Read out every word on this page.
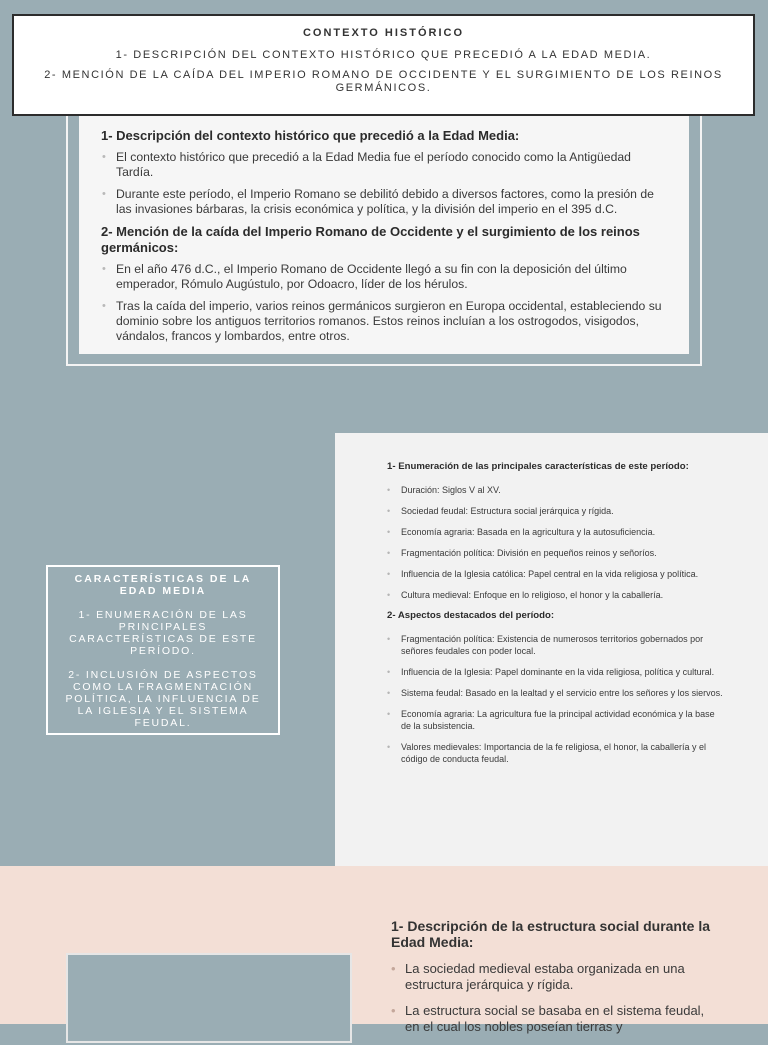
1- Descripción del contexto histórico que precedió a la Edad Media:
• El contexto histórico que precedió a la Edad Media fue el período conocido como la Antigüedad Tardía.
• Durante este período, el Imperio Romano se debilitó debido a diversos factores, como la presión de las invasiones bárbaras, la crisis económica y política, y la división del imperio en el 395 d.C.
2- Mención de la caída del Imperio Romano de Occidente y el surgimiento de los reinos germánicos:
• En el año 476 d.C., el Imperio Romano de Occidente llegó a su fin con la deposición del último emperador, Rómulo Augústulo, por Odoacro, líder de los hérulos.
• Tras la caída del imperio, varios reinos germánicos surgieron en Europa occidental, estableciendo su dominio sobre los antiguos territorios romanos. Estos reinos incluían a los ostrogodos, visigodos, vándalos, francos y lombardos, entre otros.
CONTEXTO HISTÓRICO
1- DESCRIPCIÓN DEL CONTEXTO HISTÓRICO QUE PRECEDIÓ A LA EDAD MEDIA.
2- MENCIÓN DE LA CAÍDA DEL IMPERIO ROMANO DE OCCIDENTE Y EL SURGIMIENTO DE LOS REINOS GERMÁNICOS.
CARACTERÍSTICAS DE LA EDAD MEDIA
1- ENUMERACIÓN DE LAS PRINCIPALES CARACTERÍSTICAS DE ESTE PERÍODO.
2- INCLUSIÓN DE ASPECTOS COMO LA FRAGMENTACIÓN POLÍTICA, LA INFLUENCIA DE LA IGLESIA Y EL SISTEMA FEUDAL.
1- Enumeración de las principales características de este período:
• Duración: Siglos V al XV.
• Sociedad feudal: Estructura social jerárquica y rígida.
• Economía agraria: Basada en la agricultura y la autosuficiencia.
• Fragmentación política: División en pequeños reinos y señoríos.
• Influencia de la Iglesia católica: Papel central en la vida religiosa y política.
• Cultura medieval: Enfoque en lo religioso, el honor y la caballería.
2- Aspectos destacados del período:
• Fragmentación política: Existencia de numerosos territorios gobernados por señores feudales con poder local.
• Influencia de la Iglesia: Papel dominante en la vida religiosa, política y cultural.
• Sistema feudal: Basado en la lealtad y el servicio entre los señores y los siervos.
• Economía agraria: La agricultura fue la principal actividad económica y la base de la subsistencia.
• Valores medievales: Importancia de la fe religiosa, el honor, la caballería y el código de conducta feudal.
1- Descripción de la estructura social durante la Edad Media:
• La sociedad medieval estaba organizada en una estructura jerárquica y rígida.
• La estructura social se basaba en el sistema feudal, en el cual los nobles poseían tierras y
